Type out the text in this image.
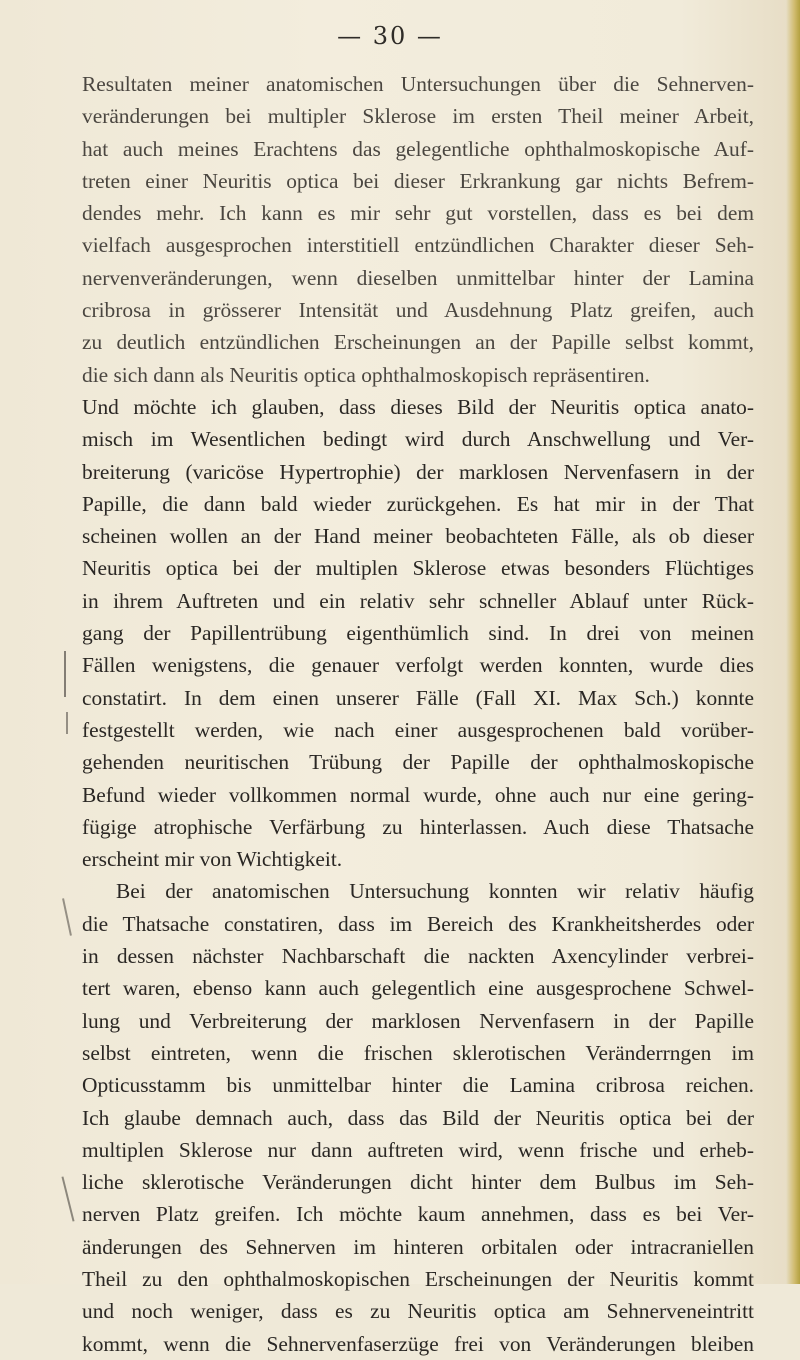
— 30 —
Resultaten meiner anatomischen Untersuchungen über die Sehnerven-
veränderungen bei multipler Sklerose im ersten Theil meiner Arbeit,
hat auch meines Erachtens das gelegentliche ophthalmoskopische Auf-
treten einer Neuritis optica bei dieser Erkrankung gar nichts Befrem-
dendes mehr. Ich kann es mir sehr gut vorstellen, dass es bei dem
vielfach ausgesprochen interstitiell entzündlichen Charakter dieser Seh-
nervenveränderungen, wenn dieselben unmittelbar hinter der Lamina
cribrosa in grösserer Intensität und Ausdehnung Platz greifen, auch
zu deutlich entzündlichen Erscheinungen an der Papille selbst kommt,
die sich dann als Neuritis optica ophthalmoskopisch repräsentiren.
Und möchte ich glauben, dass dieses Bild der Neuritis optica anato-
misch im Wesentlichen bedingt wird durch Anschwellung und Ver-
breiterung (varicöse Hypertrophie) der marklosen Nervenfasern in der
Papille, die dann bald wieder zurückgehen. Es hat mir in der That
scheinen wollen an der Hand meiner beobachteten Fälle, als ob dieser
Neuritis optica bei der multiplen Sklerose etwas besonders Flüchtiges
in ihrem Auftreten und ein relativ sehr schneller Ablauf unter Rück-
gang der Papillentrübung eigenthümlich sind. In drei von meinen
Fällen wenigstens, die genauer verfolgt werden konnten, wurde dies
constatirt. In dem einen unserer Fälle (Fall XI. Max Sch.) konnte
festgestellt werden, wie nach einer ausgesprochenen bald vorüber-
gehenden neuritischen Trübung der Papille der ophthalmoskopische
Befund wieder vollkommen normal wurde, ohne auch nur eine gering-
fügige atrophische Verfärbung zu hinterlassen. Auch diese Thatsache
erscheint mir von Wichtigkeit.
Bei der anatomischen Untersuchung konnten wir relativ häufig
die Thatsache constatiren, dass im Bereich des Krankheitsherdes oder
in dessen nächster Nachbarschaft die nackten Axencylinder verbrei-
tert waren, ebenso kann auch gelegentlich eine ausgesprochene Schwel-
lung und Verbreiterung der marklosen Nervenfasern in der Papille
selbst eintreten, wenn die frischen sklerotischen Veränderrngen im
Opticusstamm bis unmittelbar hinter die Lamina cribrosa reichen.
Ich glaube demnach auch, dass das Bild der Neuritis optica bei der
multiplen Sklerose nur dann auftreten wird, wenn frische und erheb-
liche sklerotische Veränderungen dicht hinter dem Bulbus im Seh-
nerven Platz greifen. Ich möchte kaum annehmen, dass es bei Ver-
änderungen des Sehnerven im hinteren orbitalen oder intracraniellen
Theil zu den ophthalmoskopischen Erscheinungen der Neuritis kommt
und noch weniger, dass es zu Neuritis optica am Sehnerveneintritt
kommt, wenn die Sehnervenfaserzüge frei von Veränderungen bleiben
